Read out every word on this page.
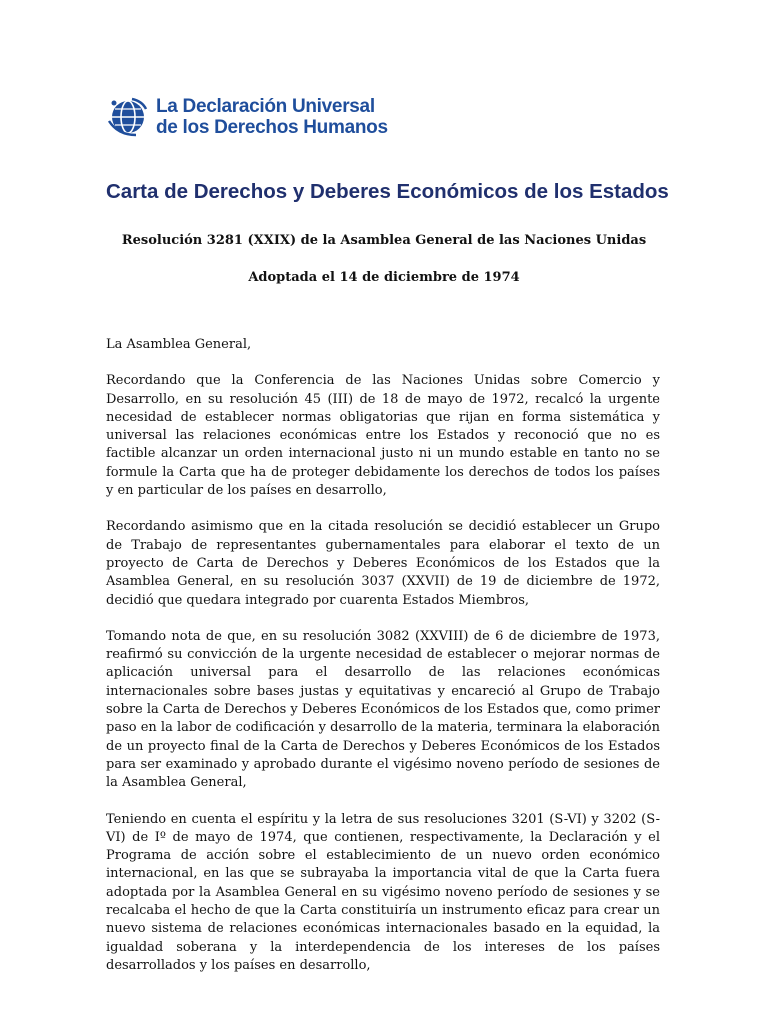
La Declaración Universal
de los Derechos Humanos
Carta de Derechos y Deberes Económicos de los Estados

Resolución 3281 (XXIX) de la Asamblea General de las Naciones Unidas

Adoptada el 14 de diciembre de 1974

La Asamblea General,

Recordando que la Conferencia de las Naciones Unidas sobre Comercio y Desarrollo, en su resolución 45 (III) de 18 de mayo de 1972, recalcó la urgente necesidad de establecer normas obligatorias que rijan en forma sistemática y universal las relaciones económicas entre los Estados y reconoció que no es factible alcanzar un orden internacional justo ni un mundo estable en tanto no se formule la Carta que ha de proteger debidamente los derechos de todos los países y en particular de los países en desarrollo,

Recordando asimismo que en la citada resolución se decidió establecer un Grupo de Trabajo de representantes gubernamentales para elaborar el texto de un proyecto de Carta de Derechos y Deberes Económicos de los Estados que la Asamblea General, en su resolución 3037 (XXVII) de 19 de diciembre de 1972, decidió que quedara integrado por cuarenta Estados Miembros,

Tomando nota de que, en su resolución 3082 (XXVIII) de 6 de diciembre de 1973, reafirmó su convicción de la urgente necesidad de establecer o mejorar normas de aplicación universal para el desarrollo de las relaciones económicas internacionales sobre bases justas y equitativas y encareció al Grupo de Trabajo sobre la Carta de Derechos y Deberes Económicos de los Estados que, como primer paso en la labor de codificación y desarrollo de la materia, terminara la elaboración de un proyecto final de la Carta de Derechos y Deberes Económicos de los Estados para ser examinado y aprobado durante el vigésimo noveno período de sesiones de la Asamblea General,

Teniendo en cuenta el espíritu y la letra de sus resoluciones 3201 (S-VI) y 3202 (S-VI) de Iº de mayo de 1974, que contienen, respectivamente, la Declaración y el Programa de acción sobre el establecimiento de un nuevo orden económico internacional, en las que se subrayaba la importancia vital de que la Carta fuera adoptada por la Asamblea General en su vigésimo noveno período de sesiones y se recalcaba el hecho de que la Carta constituiría un instrumento eficaz para crear un nuevo sistema de relaciones económicas internacionales basado en la equidad, la igualdad soberana y la interdependencia de los intereses de los países desarrollados y los países en desarrollo,
